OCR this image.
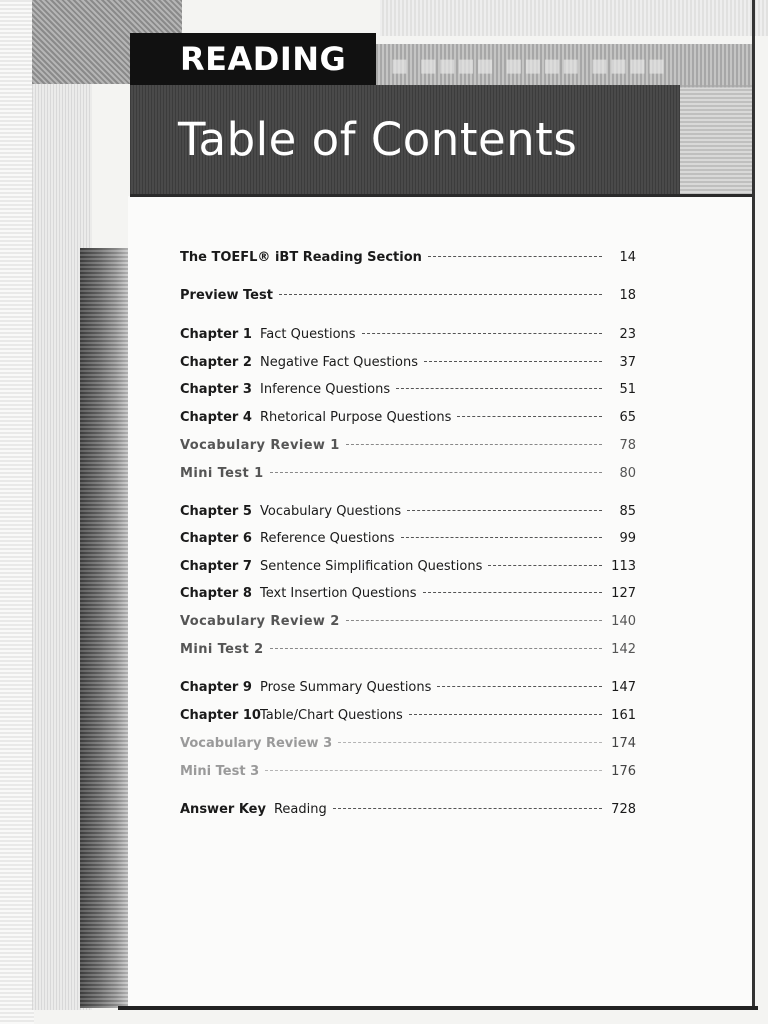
▪ ▪▪▪▪ ▪▪▪▪ ▪▪▪▪
READING
Table of Contents
The TOEFL® iBT Reading Section	14
Preview Test	18
Chapter 1 Fact Questions	23
Chapter 2 Negative Fact Questions	37
Chapter 3 Inference Questions	51
Chapter 4 Rhetorical Purpose Questions	65
Vocabulary Review 1	78
Mini Test 1	80
Chapter 5 Vocabulary Questions	85
Chapter 6 Reference Questions	99
Chapter 7 Sentence Simplification Questions	113
Chapter 8 Text Insertion Questions	127
Vocabulary Review 2	140
Mini Test 2	142
Chapter 9 Prose Summary Questions	147
Chapter 10 Table/Chart Questions	161
Vocabulary Review 3	174
Mini Test 3	176
Answer Key Reading	728
